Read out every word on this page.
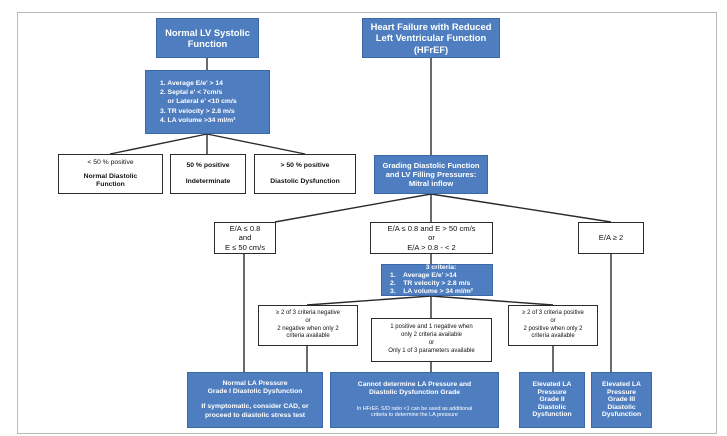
Normal LV Systolic
Function
Heart Failure with Reduced
Left Ventricular Function
(HFrEF)
1. Average E/e' > 14
2. Septal e' < 7cm/s
or Lateral e' <10 cm/s
3. TR velocity > 2.8 m/s
4. LA volume >34 ml/m²
< 50 % positive
Normal Diastolic
Function
50 % positive
Indeterminate
> 50 % positive
Diastolic Dysfunction
Grading Diastolic Function
and LV Filling Pressures:
Mitral inflow
E/A ≤ 0.8
and
E ≤ 50 cm/s
E/A ≤ 0.8 and E > 50 cm/s
or
E/A > 0.8 - < 2
E/A ≥ 2
3 criteria:
1.    Average E/e' >14
2.    TR velocity > 2.8 m/s
3.    LA volume > 34 ml/m²
≥ 2 of 3 criteria negative
or
2 negative when only 2
criteria available
1 positive and 1 negative when
only 2 criteria available
or
Only 1 of 3 parameters available
≥ 2 of 3 criteria positive
or
2 positive when only 2
criteria available
Normal LA Pressure
Grade I Diastolic Dysfunction
If symptomatic, consider CAD, or
proceed to diastolic stress test
Cannot determine LA Pressure and
Diastolic Dysfunction Grade
In HFrEF, S/D ratio <1 can be used as additional
criteria to determine the LA pressure
Elevated LA
Pressure
Grade II
Diastolic
Dysfunction
Elevated LA
Pressure
Grade III
Diastolic
Dysfunction
